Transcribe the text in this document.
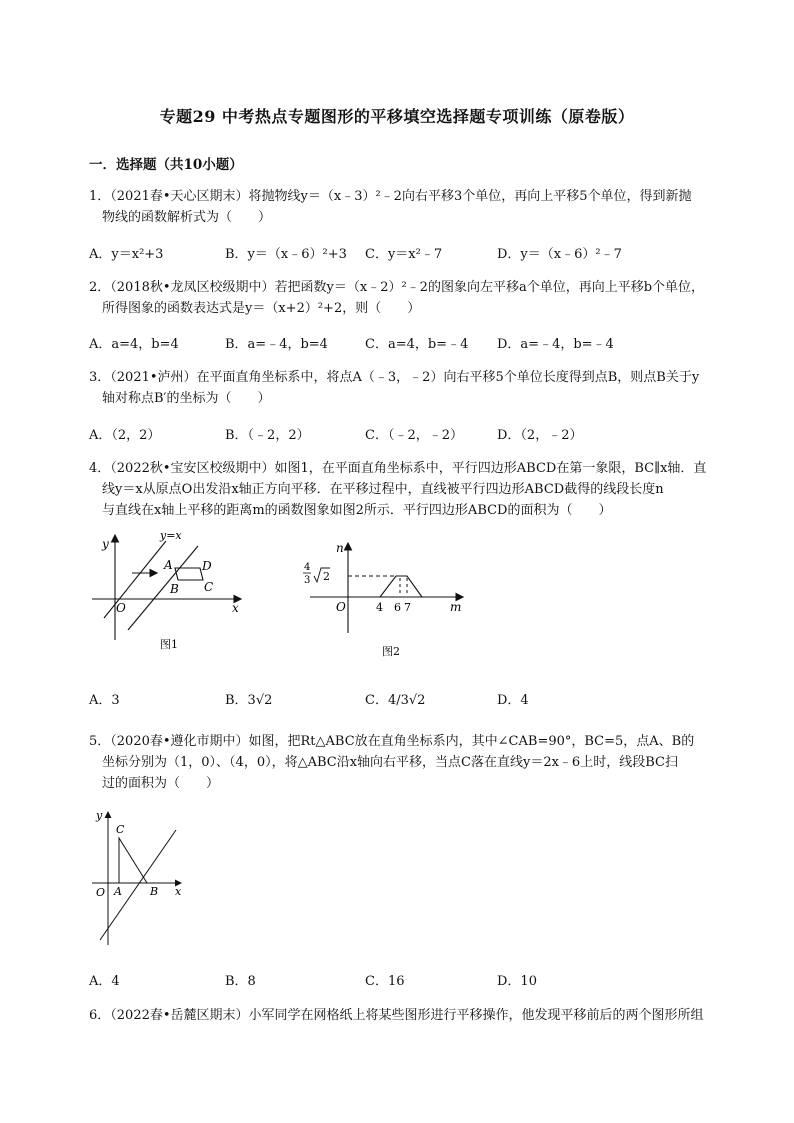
专题29 中考热点专题图形的平移填空选择题专项训练（原卷版）
一．选择题（共10小题）
1．（2021春•天心区期末）将抛物线y＝（x﹣3）²﹣2向右平移3个单位，再向上平移5个单位，得到新抛
物线的函数解析式为（　　）
A．y＝x²+3	B．y＝（x﹣6）²+3 C．y＝x²﹣7	D．y＝（x﹣6）²﹣7
2．（2018秋•龙凤区校级期中）若把函数y＝（x﹣2）²﹣2的图象向左平移a个单位，再向上平移b个单位，
所得图象的函数表达式是y＝（x+2）²+2，则（　　）
A．a=4，b=4	B．a=﹣4，b=4	C．a=4，b=﹣4 D．a=﹣4，b=﹣4
3．（2021•泸州）在平面直角坐标系中，将点A（﹣3，﹣2）向右平移5个单位长度得到点B，则点B关于y
轴对称点B′的坐标为（　　）
A．（2，2）	B．（﹣2，2）	C．（﹣2，﹣2）	D．（2，﹣2）
4．（2022秋•宝安区校级期中）如图1，在平面直角坐标系中，平行四边形ABCD在第一象限，BC∥x轴．直
线y＝x从原点O出发沿x轴正方向平移．在平移过程中，直线被平行四边形ABCD截得的线段长度n
与直线在x轴上平移的距离m的函数图象如图2所示．平行四边形ABCD的面积为（　　）
y
x
O
y=x
A
B C
D
图1
n
m
O
4
3 2
4 6 7
图2
A．3	B．3√2	C．4/3√2	D．4
5．（2020春•遵化市期中）如图，把Rt△ABC放在直角坐标系内，其中∠CAB=90°，BC=5，点A、B的
坐标分别为（1，0）、（4，0），将△ABC沿x轴向右平移，当点C落在直线y＝2x﹣6上时，线段BC扫
过的面积为（　　）
y
x
O A	B
C
A．4	B．8	C．16	D．10
6．（2022春•岳麓区期末）小军同学在网格纸上将某些图形进行平移操作，他发现平移前后的两个图形所组
